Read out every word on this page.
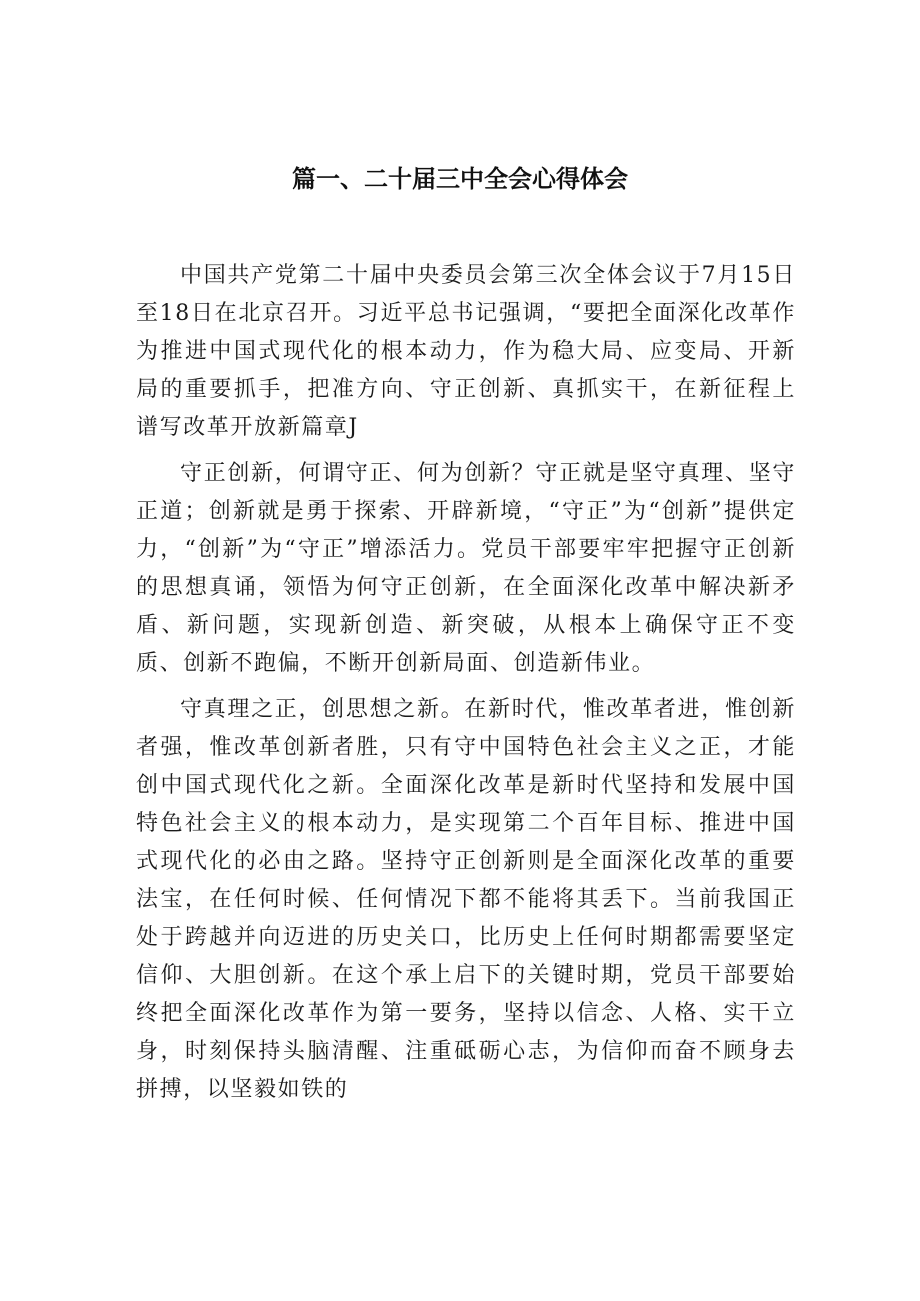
篇一、二十届三中全会心得体会

中国共产党第二十届中央委员会第三次全体会议于7月15日至18日在北京召开。习近平总书记强调，“要把全面深化改革作为推进中国式现代化的根本动力，作为稳大局、应变局、开新局的重要抓手，把准方向、守正创新、真抓实干，在新征程上谱写改革开放新篇章J

守正创新，何谓守正、何为创新？守正就是坚守真理、坚守正道；创新就是勇于探索、开辟新境，“守正”为“创新”提供定力，“创新”为“守正”增添活力。党员干部要牢牢把握守正创新的思想真诵，领悟为何守正创新，在全面深化改革中解决新矛盾、新问题，实现新创造、新突破，从根本上确保守正不变质、创新不跑偏，不断开创新局面、创造新伟业。

守真理之正，创思想之新。在新时代，惟改革者进，惟创新者强，惟改革创新者胜，只有守中国特色社会主义之正，才能创中国式现代化之新。全面深化改革是新时代坚持和发展中国特色社会主义的根本动力，是实现第二个百年目标、推进中国式现代化的必由之路。坚持守正创新则是全面深化改革的重要法宝，在任何时候、任何情况下都不能将其丢下。当前我国正处于跨越并向迈进的历史关口，比历史上任何时期都需要坚定信仰、大胆创新。在这个承上启下的关键时期，党员干部要始终把全面深化改革作为第一要务，坚持以信念、人格、实干立身，时刻保持头脑清醒、注重砥砺心志，为信仰而奋不顾身去拼搏，以坚毅如铁的
